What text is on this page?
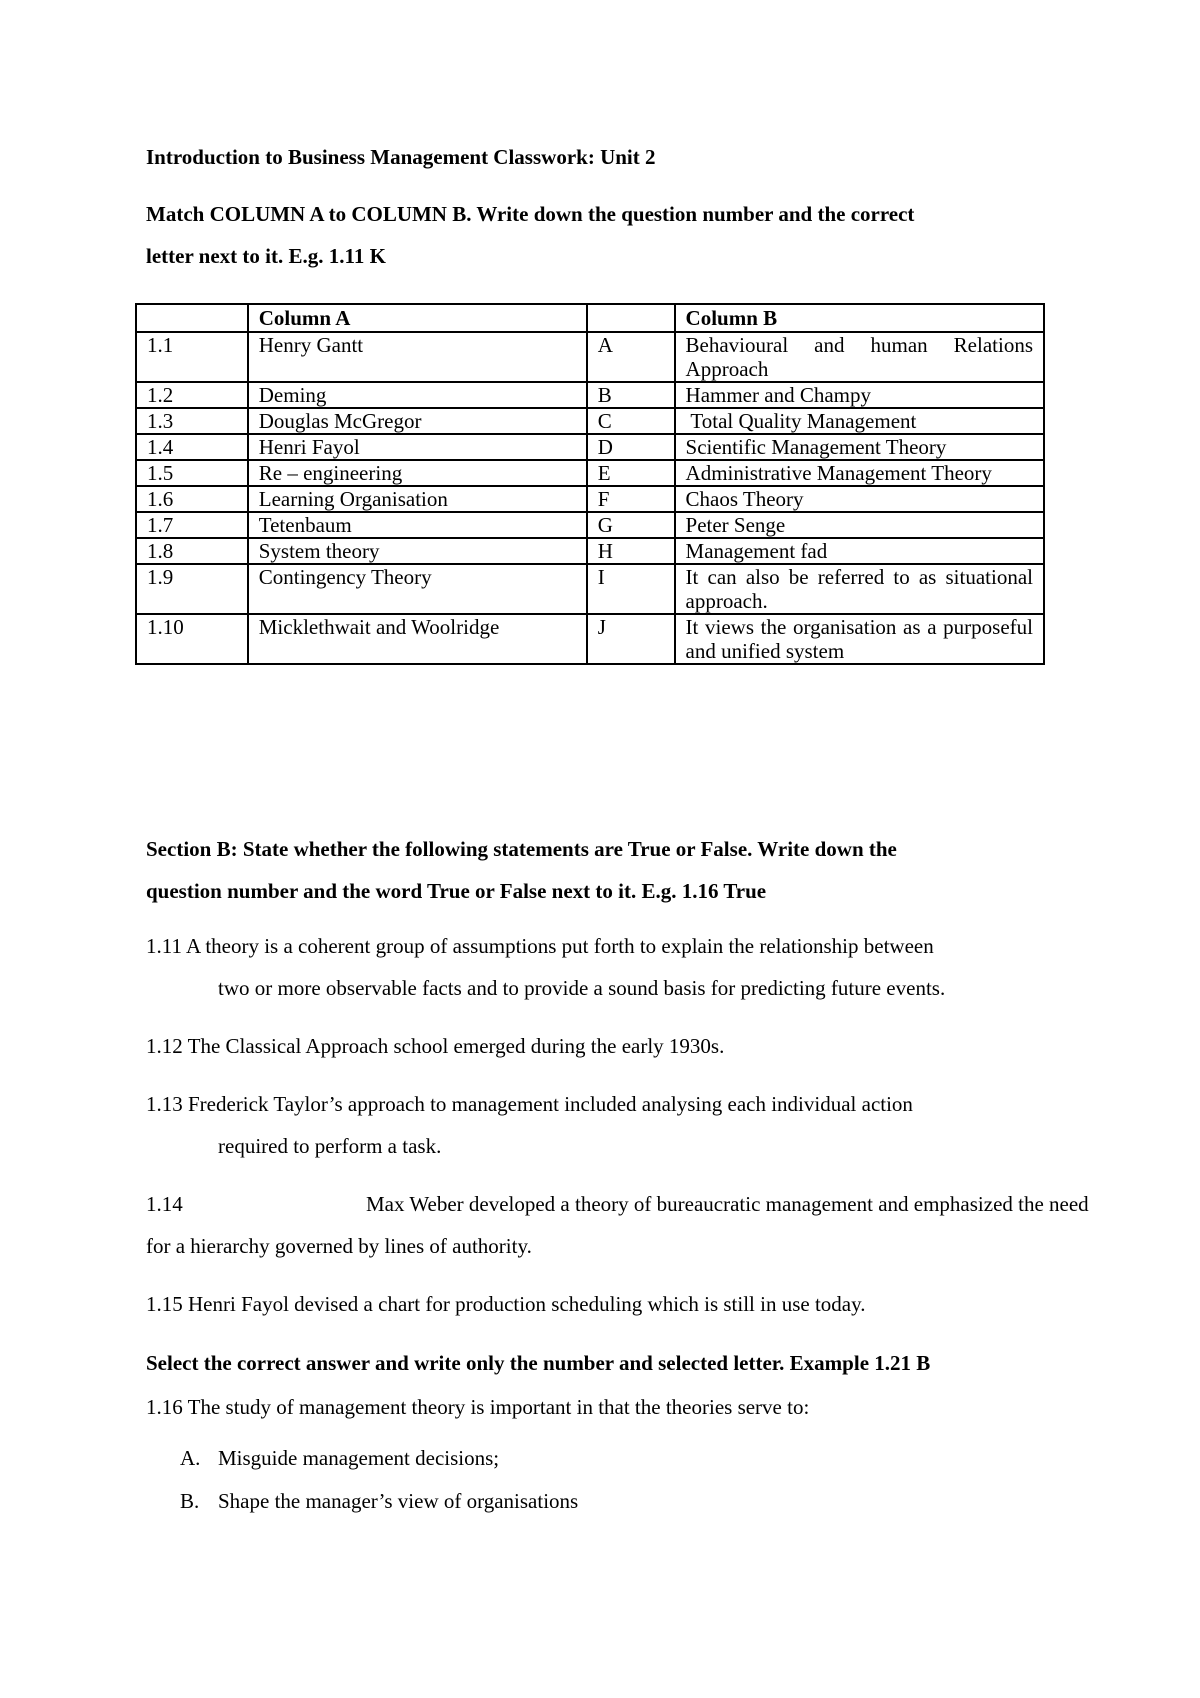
Introduction to Business Management Classwork: Unit 2
Match COLUMN A to COLUMN B. Write down the question number and the correct
letter next to it. E.g. 1.11 K
	Column A		Column B
1.1	Henry Gantt	A	Behavioural and human Relations Approach
1.2	Deming	B	Hammer and Champy
1.3	Douglas McGregor	C	Total Quality Management
1.4	Henri Fayol	D	Scientific Management Theory
1.5	Re – engineering	E	Administrative Management Theory
1.6	Learning Organisation	F	Chaos Theory
1.7	Tetenbaum	G	Peter Senge
1.8	System theory	H	Management fad
1.9	Contingency Theory	I	It can also be referred to as situational approach.
1.10	Micklethwait and Woolridge	J	It views the organisation as a purposeful and unified system
Section B: State whether the following statements are True or False. Write down the
question number and the word True or False next to it. E.g. 1.16 True
1.11 A theory is a coherent group of assumptions put forth to explain the relationship between
two or more observable facts and to provide a sound basis for predicting future events.
1.12 The Classical Approach school emerged during the early 1930s.
1.13 Frederick Taylor’s approach to management included analysing each individual action
required to perform a task.
1.14	Max Weber developed a theory of bureaucratic management and emphasized the need
for a hierarchy governed by lines of authority.
1.15 Henri Fayol devised a chart for production scheduling which is still in use today.
Select the correct answer and write only the number and selected letter. Example 1.21 B
1.16 The study of management theory is important in that the theories serve to:
A. Misguide management decisions;
B. Shape the manager’s view of organisations
